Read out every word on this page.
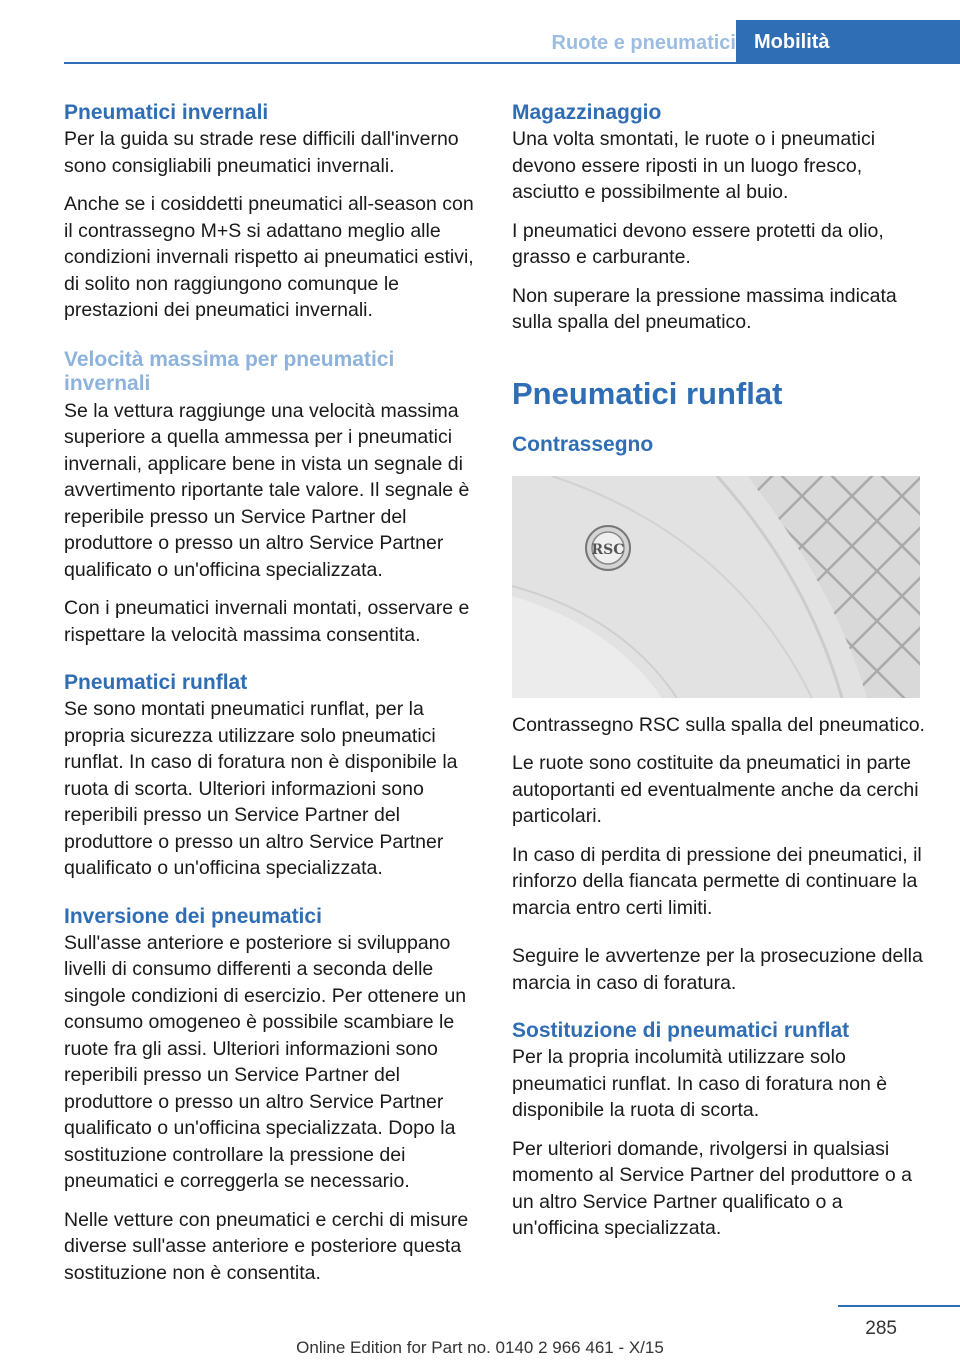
Ruote e pneumatici Mobilità
Pneumatici invernali

Per la guida su strade rese difficili dall'inverno sono consigliabili pneumatici invernali.

Anche se i cosiddetti pneumatici all-season con il contrassegno M+S si adattano meglio alle condizioni invernali rispetto ai pneumatici estivi, di solito non raggiungono comunque le prestazioni dei pneumatici invernali.

Velocità massima per pneumatici invernali

Se la vettura raggiunge una velocità massima superiore a quella ammessa per i pneumatici invernali, applicare bene in vista un segnale di avvertimento riportante tale valore. Il segnale è reperibile presso un Service Partner del produttore o presso un altro Service Partner qualificato o un'officina specializzata.

Con i pneumatici invernali montati, osservare e rispettare la velocità massima consentita.

Pneumatici runflat

Se sono montati pneumatici runflat, per la propria sicurezza utilizzare solo pneumatici runflat. In caso di foratura non è disponibile la ruota di scorta. Ulteriori informazioni sono reperibili presso un Service Partner del produttore o presso un altro Service Partner qualificato o un'officina specializzata.

Inversione dei pneumatici

Sull'asse anteriore e posteriore si sviluppano livelli di consumo differenti a seconda delle singole condizioni di esercizio. Per ottenere un consumo omogeneo è possibile scambiare le ruote fra gli assi. Ulteriori informazioni sono reperibili presso un Service Partner del produttore o presso un altro Service Partner qualificato o un'officina specializzata. Dopo la sostituzione controllare la pressione dei pneumatici e correggerla se necessario.

Nelle vetture con pneumatici e cerchi di misure diverse sull'asse anteriore e posteriore questa sostituzione non è consentita.

Magazzinaggio

Una volta smontati, le ruote o i pneumatici devono essere riposti in un luogo fresco, asciutto e possibilmente al buio.

I pneumatici devono essere protetti da olio, grasso e carburante.

Non superare la pressione massima indicata sulla spalla del pneumatico.

Pneumatici runflat
Contrassegno
RSC

Contrassegno RSC sulla spalla del pneumatico.

Le ruote sono costituite da pneumatici in parte autoportanti ed eventualmente anche da cerchi particolari.

In caso di perdita di pressione dei pneumatici, il rinforzo della fiancata permette di continuare la marcia entro certi limiti.

Seguire le avvertenze per la prosecuzione della marcia in caso di foratura.

Sostituzione di pneumatici runflat

Per la propria incolumità utilizzare solo pneumatici runflat. In caso di foratura non è disponibile la ruota di scorta.

Per ulteriori domande, rivolgersi in qualsiasi momento al Service Partner del produttore o a un altro Service Partner qualificato o a un'officina specializzata.

285
Online Edition for Part no. 0140 2 966 461 - X/15
